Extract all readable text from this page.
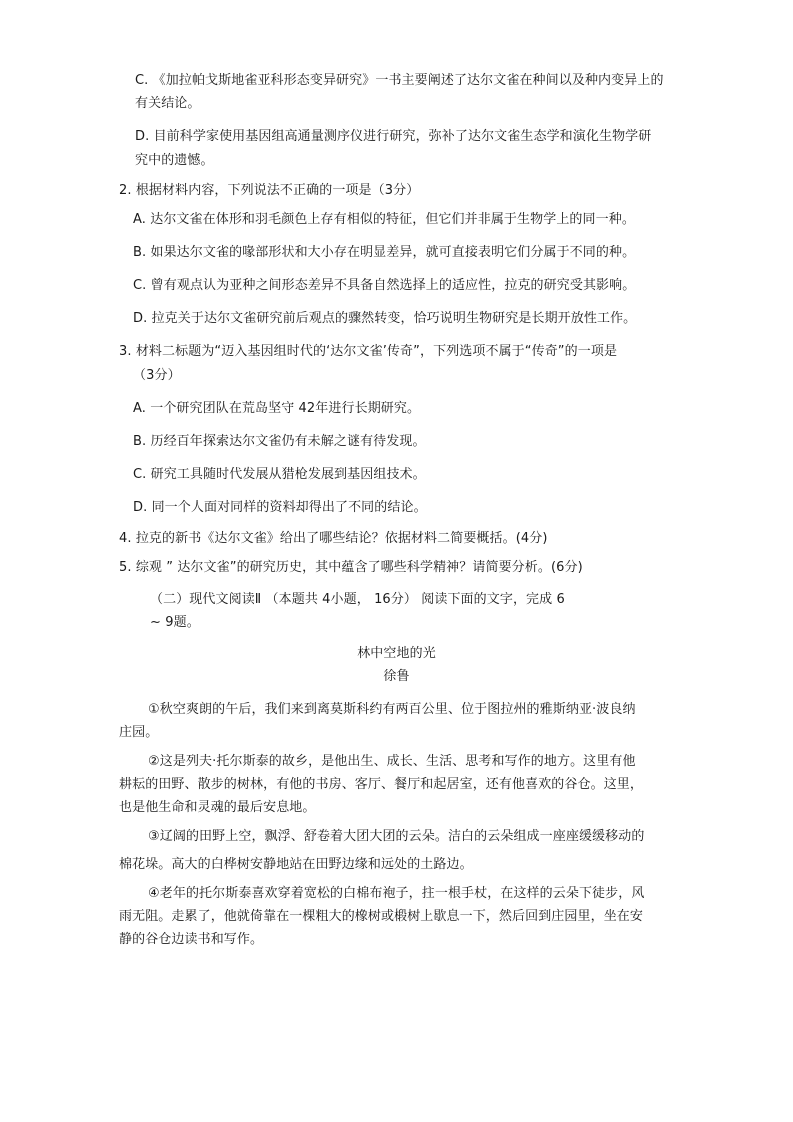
C. 《加拉帕戈斯地雀亚科形态变异研究》一书主要阐述了达尔文雀在种间以及种内变异上的
有关结论。
D. 目前科学家使用基因组高通量测序仪进行研究，弥补了达尔文雀生态学和演化生物学研
究中的遗憾。
2. 根据材料内容，下列说法不正确的一项是（3分）
A. 达尔文雀在体形和羽毛颜色上存有相似的特征，但它们并非属于生物学上的同一种。
B. 如果达尔文雀的喙部形状和大小存在明显差异，就可直接表明它们分属于不同的种。
C. 曾有观点认为亚种之间形态差异不具备自然选择上的适应性，拉克的研究受其影响。
D. 拉克关于达尔文雀研究前后观点的骤然转变，恰巧说明生物研究是长期开放性工作。
3. 材料二标题为“迈入基因组时代的‘达尔文雀’传奇”，下列选项不属于“传奇”的一项是
（3分）
A. 一个研究团队在荒岛坚守 42年进行长期研究。
B. 历经百年探索达尔文雀仍有未解之谜有待发现。
C. 研究工具随时代发展从猎枪发展到基因组技术。
D. 同一个人面对同样的资料却得出了不同的结论。
4. 拉克的新书《达尔文雀》给出了哪些结论？依据材料二简要概括。(4分)
5. 综观 ” 达尔文雀”的研究历史，其中蕴含了哪些科学精神？请简要分析。(6分)
（二）现代文阅读Ⅱ （本题共 4小题， 16分） 阅读下面的文字，完成 6
~ 9题。
林中空地的光
徐鲁
①秋空爽朗的午后，我们来到离莫斯科约有两百公里、位于图拉州的雅斯纳亚·波良纳
庄园。
②这是列夫·托尔斯泰的故乡，是他出生、成长、生活、思考和写作的地方。这里有他
耕耘的田野、散步的树林，有他的书房、客厅、餐厅和起居室，还有他喜欢的谷仓。这里，
也是他生命和灵魂的最后安息地。
③辽阔的田野上空，飘浮、舒卷着大团大团的云朵。洁白的云朵组成一座座缓缓移动的
棉花垛。高大的白桦树安静地站在田野边缘和远处的土路边。
④老年的托尔斯泰喜欢穿着宽松的白棉布袍子，拄一根手杖，在这样的云朵下徒步，风
雨无阻。走累了，他就倚靠在一棵粗大的橡树或椴树上歇息一下，然后回到庄园里，坐在安
静的谷仓边读书和写作。
